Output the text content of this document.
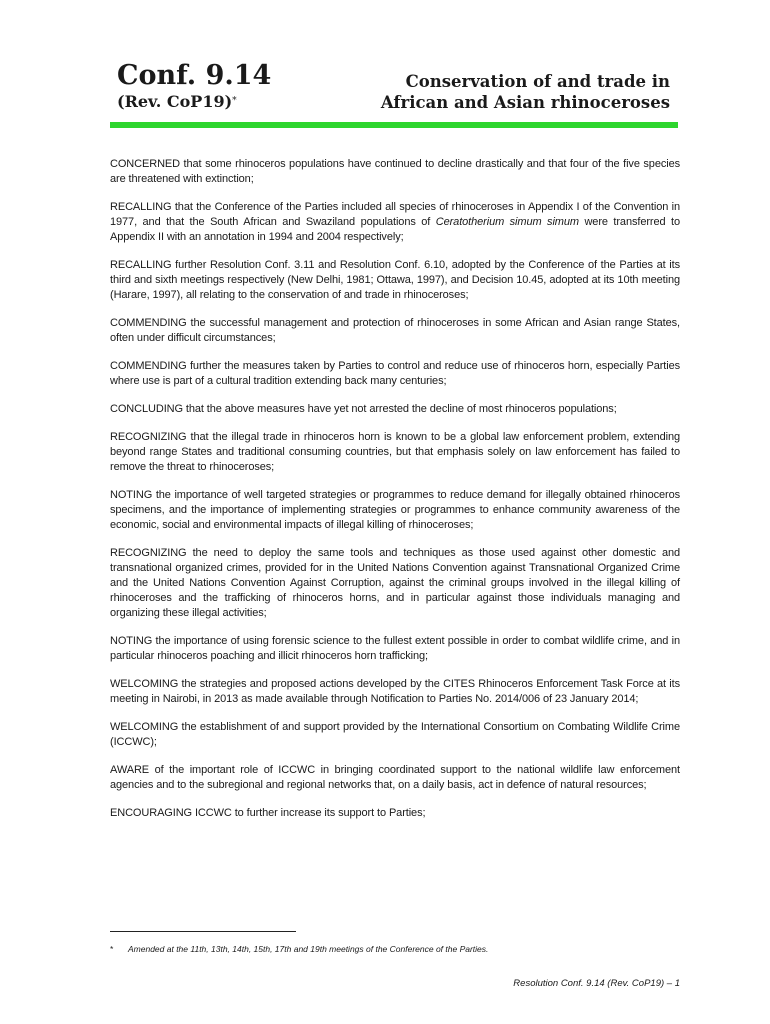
Conf. 9.14
(Rev. CoP19)*
Conservation of and trade in
African and Asian rhinoceroses

CONCERNED that some rhinoceros populations have continued to decline drastically and that four of the five species are threatened with extinction;

RECALLING that the Conference of the Parties included all species of rhinoceroses in Appendix I of the Convention in 1977, and that the South African and Swaziland populations of Ceratotherium simum simum were transferred to Appendix II with an annotation in 1994 and 2004 respectively;

RECALLING further Resolution Conf. 3.11 and Resolution Conf. 6.10, adopted by the Conference of the Parties at its third and sixth meetings respectively (New Delhi, 1981; Ottawa, 1997), and Decision 10.45, adopted at its 10th meeting (Harare, 1997), all relating to the conservation of and trade in rhinoceroses;

COMMENDING the successful management and protection of rhinoceroses in some African and Asian range States, often under difficult circumstances;

COMMENDING further the measures taken by Parties to control and reduce use of rhinoceros horn, especially Parties where use is part of a cultural tradition extending back many centuries;

CONCLUDING that the above measures have yet not arrested the decline of most rhinoceros populations;

RECOGNIZING that the illegal trade in rhinoceros horn is known to be a global law enforcement problem, extending beyond range States and traditional consuming countries, but that emphasis solely on law enforcement has failed to remove the threat to rhinoceroses;

NOTING the importance of well targeted strategies or programmes to reduce demand for illegally obtained rhinoceros specimens, and the importance of implementing strategies or programmes to enhance community awareness of the economic, social and environmental impacts of illegal killing of rhinoceroses;

RECOGNIZING the need to deploy the same tools and techniques as those used against other domestic and transnational organized crimes, provided for in the United Nations Convention against Transnational Organized Crime and the United Nations Convention Against Corruption, against the criminal groups involved in the illegal killing of rhinoceroses and the trafficking of rhinoceros horns, and in particular against those individuals managing and organizing these illegal activities;

NOTING the importance of using forensic science to the fullest extent possible in order to combat wildlife crime, and in particular rhinoceros poaching and illicit rhinoceros horn trafficking;

WELCOMING the strategies and proposed actions developed by the CITES Rhinoceros Enforcement Task Force at its meeting in Nairobi, in 2013 as made available through Notification to Parties No. 2014/006 of 23 January 2014;

WELCOMING the establishment of and support provided by the International Consortium on Combating Wildlife Crime (ICCWC);

AWARE of the important role of ICCWC in bringing coordinated support to the national wildlife law enforcement agencies and to the subregional and regional networks that, on a daily basis, act in defence of natural resources;

ENCOURAGING ICCWC to further increase its support to Parties;

* Amended at the 11th, 13th, 14th, 15th, 17th and 19th meetings of the Conference of the Parties.
Resolution Conf. 9.14 (Rev. CoP19) – 1
